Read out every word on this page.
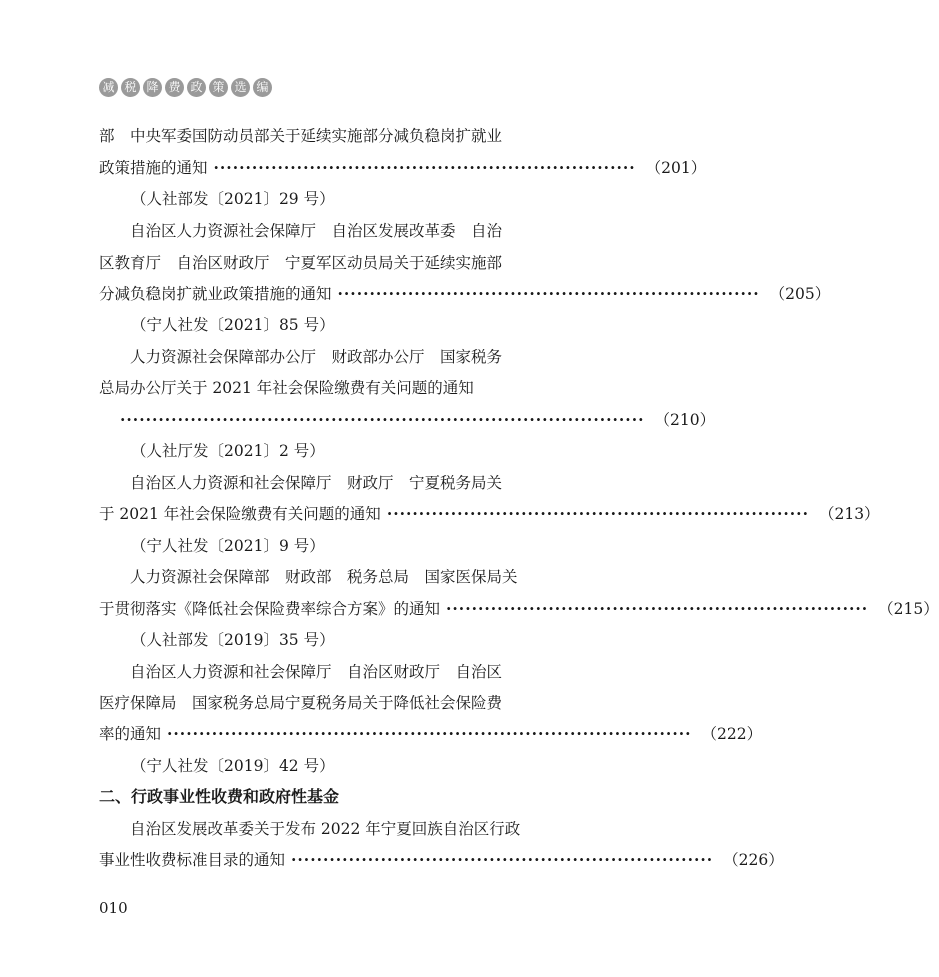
减 税 降 费 政 策 选 编
部　中央军委国防动员部关于延续实施部分减负稳岗扩就业
政策措施的通知 ·································································· （201）
（人社部发〔2021〕29 号）
自治区人力资源社会保障厅　自治区发展改革委　自治
区教育厅　自治区财政厅　宁夏军区动员局关于延续实施部
分减负稳岗扩就业政策措施的通知 ·································································· （205）
（宁人社发〔2021〕85 号）
人力资源社会保障部办公厅　财政部办公厅　国家税务
总局办公厅关于 2021 年社会保险缴费有关问题的通知
·················································································· （210）
（人社厅发〔2021〕2 号）
自治区人力资源和社会保障厅　财政厅　宁夏税务局关
于 2021 年社会保险缴费有关问题的通知 ·································································· （213）
（宁人社发〔2021〕9 号）
人力资源社会保障部　财政部　税务总局　国家医保局关
于贯彻落实《降低社会保险费率综合方案》的通知 ·································································· （215）
（人社部发〔2019〕35 号）
自治区人力资源和社会保障厅　自治区财政厅　自治区
医疗保障局　国家税务总局宁夏税务局关于降低社会保险费
率的通知 ·················································································· （222）
（宁人社发〔2019〕42 号）
二、行政事业性收费和政府性基金
自治区发展改革委关于发布 2022 年宁夏回族自治区行政
事业性收费标准目录的通知 ·································································· （226）
010
